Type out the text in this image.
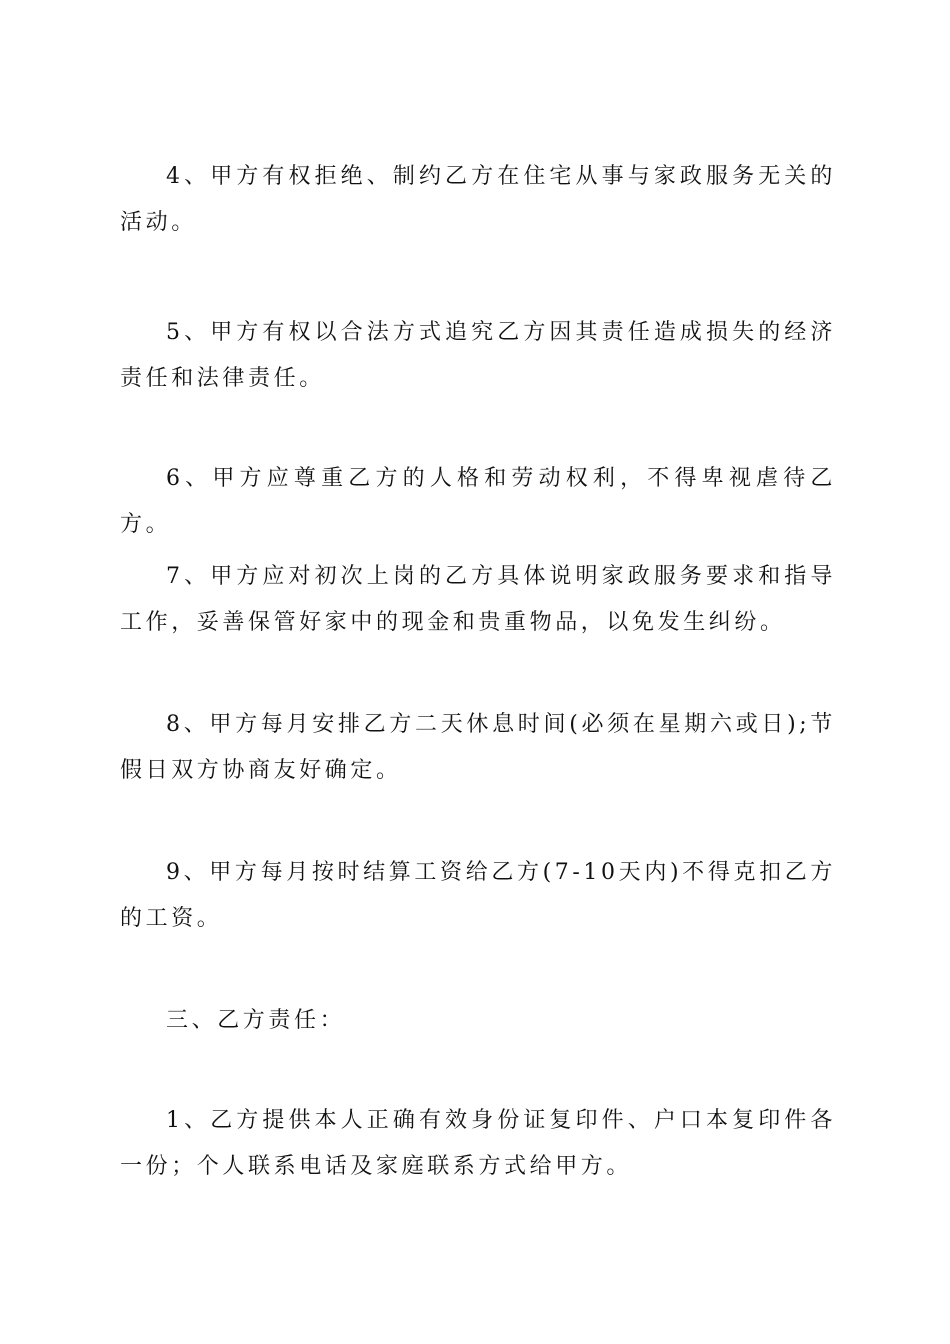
4、甲方有权拒绝、制约乙方在住宅从事与家政服务无关的活动。

5、甲方有权以合法方式追究乙方因其责任造成损失的经济责任和法律责任。

6、甲方应尊重乙方的人格和劳动权利，不得卑视虐待乙方。

7、甲方应对初次上岗的乙方具体说明家政服务要求和指导工作，妥善保管好家中的现金和贵重物品，以免发生纠纷。

8、甲方每月安排乙方二天休息时间(必须在星期六或日);节假日双方协商友好确定。

9、甲方每月按时结算工资给乙方(7-10天内)不得克扣乙方的工资。

三、乙方责任：

1、乙方提供本人正确有效身份证复印件、户口本复印件各一份；个人联系电话及家庭联系方式给甲方。
